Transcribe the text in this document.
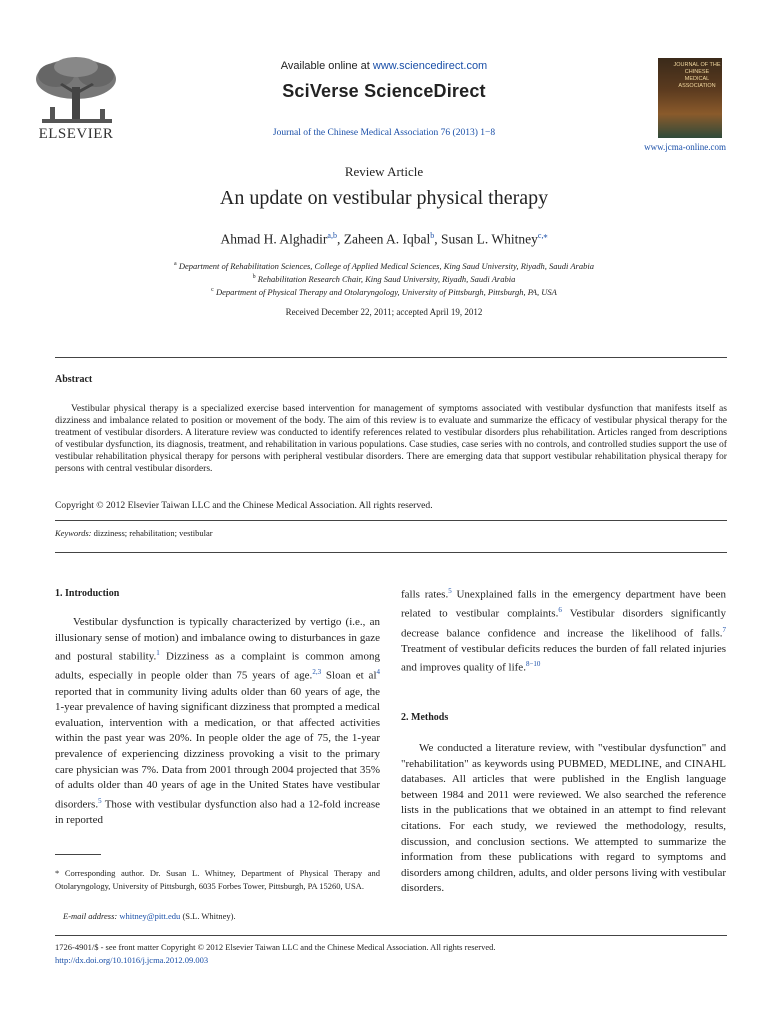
ELSEVIER
Available online at www.sciencedirect.com
SciVerse ScienceDirect
Journal of the Chinese Medical Association 76 (2013) 1−8
JOURNAL OF THE
CHINESE
MEDICAL
ASSOCIATION
www.jcma-online.com
Review Article
An update on vestibular physical therapy
Ahmad H. Alghadir$^{a,b}$, Zaheen A. Iqbal$^b$, Susan L. Whitney$^{c,⁎}$
$^a$ Department of Rehabilitation Sciences, College of Applied Medical Sciences, King Saud University, Riyadh, Saudi Arabia
$^b$ Rehabilitation Research Chair, King Saud University, Riyadh, Saudi Arabia
$^c$ Department of Physical Therapy and Otolaryngology, University of Pittsburgh, Pittsburgh, PA, USA
Received December 22, 2011; accepted April 19, 2012
Abstract

Vestibular physical therapy is a specialized exercise based intervention for management of symptoms associated with vestibular dysfunction that manifests itself as dizziness and imbalance related to position or movement of the body. The aim of this review is to evaluate and summarize the efficacy of vestibular physical therapy for the treatment of vestibular disorders. A literature review was conducted to identify references related to vestibular disorders plus rehabilitation. Articles ranged from descriptions of vestibular dysfunction, its diagnosis, treatment, and rehabilitation in various populations. Case studies, case series with no controls, and controlled studies support the use of vestibular rehabilitation physical therapy for persons with peripheral vestibular disorders. There are emerging data that support vestibular rehabilitation physical therapy for persons with central vestibular disorders.

Copyright © 2012 Elsevier Taiwan LLC and the Chinese Medical Association. All rights reserved.
Keywords: dizziness; rehabilitation; vestibular
1. Introduction

Vestibular dysfunction is typically characterized by vertigo (i.e., an illusionary sense of motion) and imbalance owing to disturbances in gaze and postural stability.$^1$ Dizziness as a complaint is common among adults, especially in people older than 75 years of age.$^{2,3}$ Sloan et $al^4$ reported that in community living adults older than 60 years of age, the 1-year prevalence of having significant dizziness that prompted a medical evaluation, intervention with a medication, or that affected activities within the past year was 20%. In people older the age of 75, the 1-year prevalence of experiencing dizziness provoking a visit to the primary care physician was 7%. Data from 2001 through 2004 projected that 35% of adults older than 40 years of age in the United States have vestibular disorders.$^5$ Those with vestibular dysfunction also had a 12-fold increase in reported

* Corresponding author. Dr. Susan L. Whitney, Department of Physical Therapy and Otolaryngology, University of Pittsburgh, 6035 Forbes Tower, Pittsburgh, PA 15260, USA.

E-mail address: whitney@pitt.edu (S.L. Whitney).

falls rates.$^5$ Unexplained falls in the emergency department have been related to vestibular complaints.$^6$ Vestibular disorders significantly decrease balance confidence and increase the likelihood of falls.$^7$ Treatment of vestibular deficits reduces the burden of fall related injuries and improves quality of life.$^{8-10}$

2. Methods

We conducted a literature review, with "vestibular dysfunction" and "rehabilitation" as keywords using PUBMED, MEDLINE, and CINAHL databases. All articles that were published in the English language between 1984 and 2011 were reviewed. We also searched the reference lists in the publications that we obtained in an attempt to find relevant citations. For each study, we reviewed the methodology, results, discussion, and conclusion sections. We attempted to summarize the information from these publications with regard to symptoms and disorders among children, adults, and older persons living with vestibular disorders.

1726-4901/$ - see front matter Copyright © 2012 Elsevier Taiwan LLC and the Chinese Medical Association. All rights reserved.
http://dx.doi.org/10.1016/j.jcma.2012.09.003
